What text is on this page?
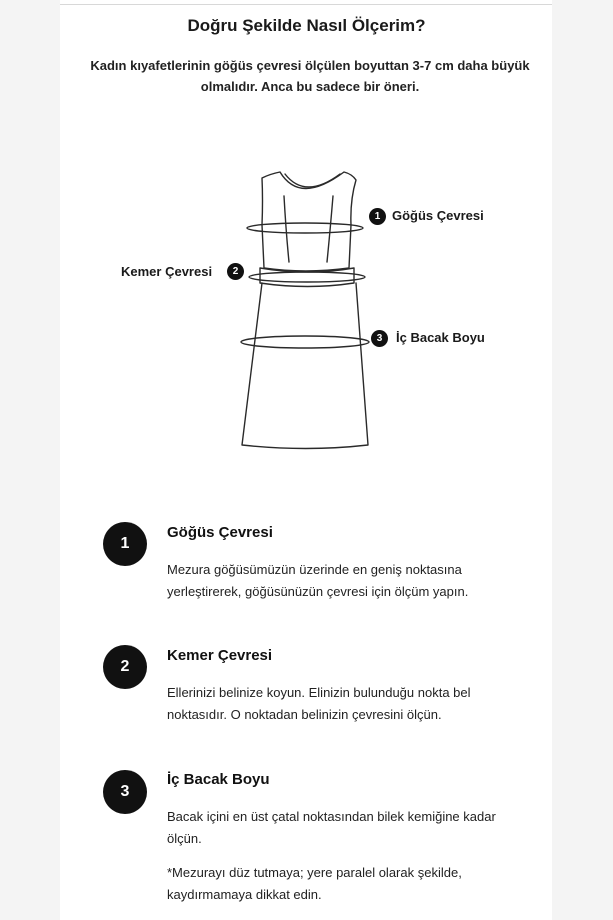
Doğru Şekilde Nasıl Ölçerim?
Kadın kıyafetlerinin göğüs çevresi ölçülen boyuttan 3-7 cm daha büyük olmalıdır. Anca bu sadece bir öneri.
1 Göğüs Çevresi
Kemer Çevresi	2
3	İç Bacak Boyu
1
Göğüs Çevresi
Mezura göğüsümüzün üzerinde en geniş noktasına yerleştirerek, göğüsünüzün çevresi için ölçüm yapın.
2
Kemer Çevresi
Ellerinizi belinize koyun. Elinizin bulunduğu nokta bel noktasıdır. O noktadan belinizin çevresini ölçün.
3
İç Bacak Boyu
Bacak içini en üst çatal noktasından bilek kemiğine kadar ölçün.
*Mezurayı düz tutmaya; yere paralel olarak şekilde, kaydırmamaya dikkat edin.
